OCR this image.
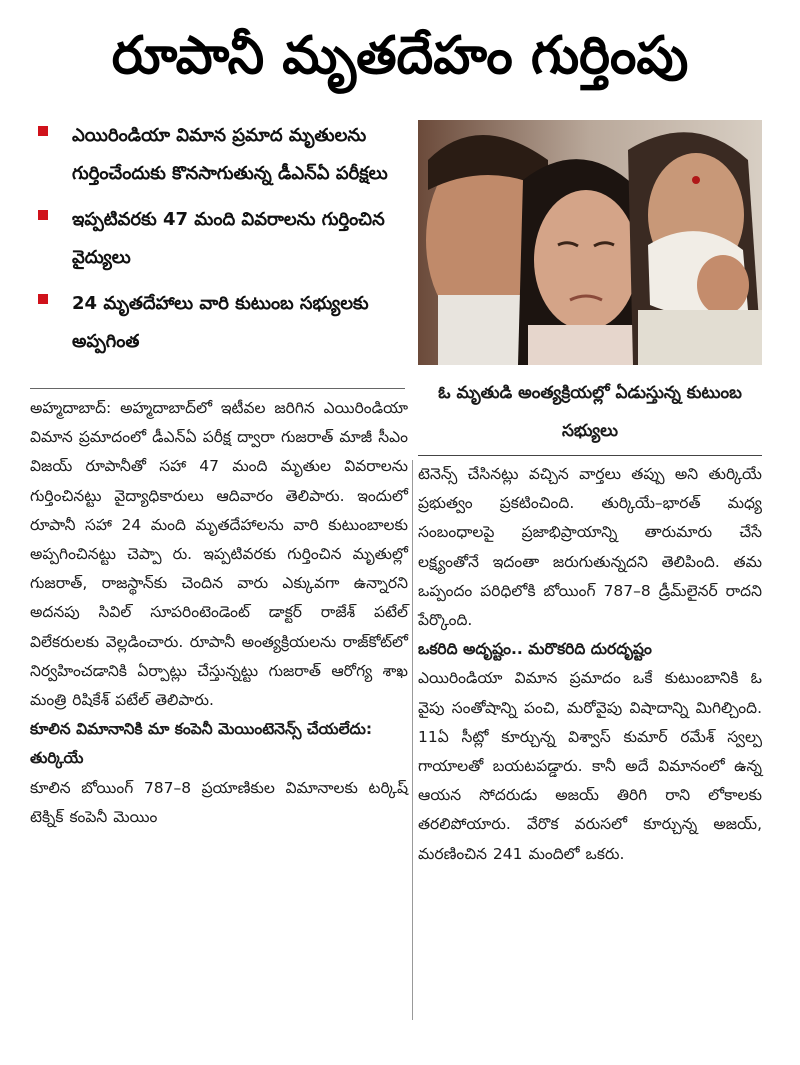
రూపానీ మృతదేహం గుర్తింపు
ఎయిరిండియా విమాన ప్రమాద మృతులను గుర్తించేందుకు కొనసాగుతున్న డీఎన్‌ఏ పరీక్షలు
ఇప్పటివరకు 47 మంది వివరాలను గుర్తించిన వైద్యులు
24 మృతదేహాలు వారి కుటుంబ సభ్యులకు అప్పగింత
ఓ మృతుడి అంత్యక్రియల్లో ఏడుస్తున్న కుటుంబ సభ్యులు

అహ్మదాబాద్‌: అహ్మదాబాద్‌లో ఇటీవల జరిగిన ఎయిరిండియా విమాన ప్రమాదంలో డీఎన్‌ఏ పరీక్ష ద్వారా గుజరాత్‌ మాజీ సీఎం విజయ్‌ రూపానీతో సహా 47 మంది మృతుల వివరాలను గుర్తించినట్టు వైద్యాధికారులు ఆదివారం తెలిపారు. ఇందులో రూపానీ సహా 24 మంది మృతదేహాలను వారి కుటుంబాలకు అప్పగించినట్టు చెప్పా రు. ఇప్పటివరకు గుర్తించిన మృతుల్లో గుజరాత్‌, రాజస్థాన్‌కు చెందిన వారు ఎక్కువగా ఉన్నారని అదనపు సివిల్‌ సూపరింటెండెంట్‌ డాక్టర్‌ రాజేశ్‌ పటేల్‌ విలేకరులకు వెల్లడించారు. రూపానీ అంత్యక్రియలను రాజ్‌కోట్‌లో నిర్వహించడానికి ఏర్పాట్లు చేస్తున్నట్టు గుజరాత్‌ ఆరోగ్య శాఖ మంత్రి రిషికేశ్‌ పటేల్‌ తెలిపారు.

కూలిన విమానానికి మా కంపెనీ మెయింటెనెన్స్‌ చేయలేదు: తుర్కియే

కూలిన బోయింగ్‌ 787–8 ప్రయాణికుల విమానాలకు టర్కిష్‌ టెక్నిక్‌ కంపెనీ మెయిం

టెనెన్స్‌ చేసినట్లు వచ్చిన వార్తలు తప్పు అని తుర్కియే ప్రభుత్వం ప్రకటించింది. తుర్కియే–భారత్‌ మధ్య సంబంధాలపై ప్రజాభిప్రాయాన్ని తారుమారు చేసే లక్ష్యంతోనే ఇదంతా జరుగుతున్నదని తెలిపింది. తమ ఒప్పందం పరిధిలోకి బోయింగ్‌ 787–8 డ్రీమ్‌లైనర్‌ రాదని పేర్కొంది.

ఒకరిది అదృష్టం.. మరొకరిది దురదృష్టం

ఎయిరిండియా విమాన ప్రమాదం ఒకే కుటుంబానికి ఓ వైపు సంతోషాన్ని పంచి, మరోవైపు విషాదాన్ని మిగిల్చింది. 11ఏ సీట్లో కూర్చున్న విశ్వాస్‌ కుమార్‌ రమేశ్‌ స్వల్ప గాయాలతో బయటపడ్డారు. కానీ అదే విమానంలో ఉన్న ఆయన సోదరుడు అజయ్‌ తిరిగి రాని లోకాలకు తరలిపోయారు. వేరొక వరుసలో కూర్చున్న అజయ్‌, మరణించిన 241 మందిలో ఒకరు.
